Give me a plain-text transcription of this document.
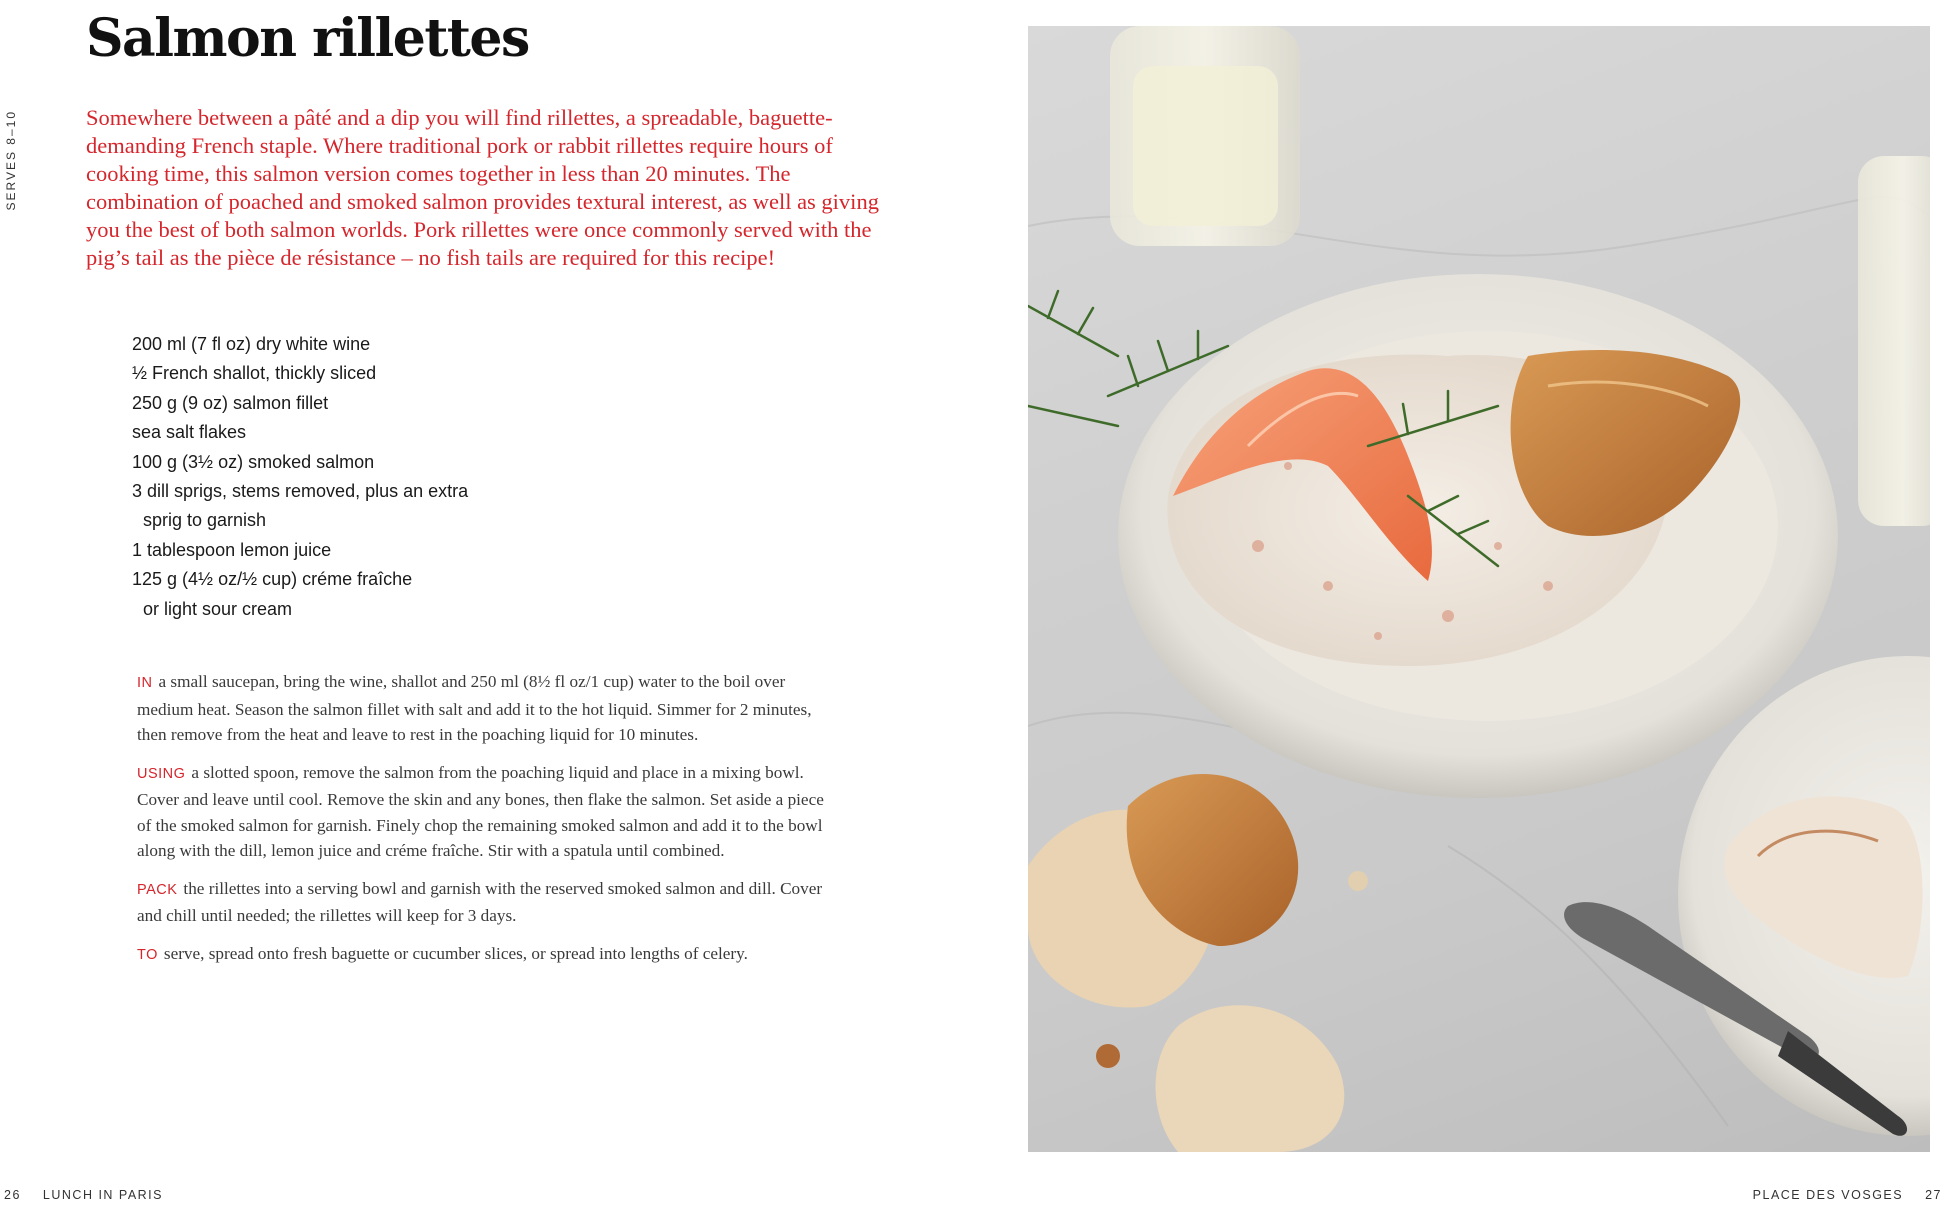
Salmon rillettes
SERVES 8–10	Somewhere between a pâté and a dip you will find rillettes, a spreadable, baguette-demanding French staple. Where traditional pork or rabbit rillettes require hours of cooking time, this salmon version comes together in less than 20 minutes. The combination of poached and smoked salmon provides textural interest, as well as giving you the best of both salmon worlds. Pork rillettes were once commonly served with the pig’s tail as the pièce de résistance – no fish tails are required for this recipe!

200 ml (7 fl oz) dry white wine
½ French shallot, thickly sliced
250 g (9 oz) salmon fillet
sea salt flakes
100 g (3½ oz) smoked salmon
3 dill sprigs, stems removed, plus an extra
sprig to garnish
1 tablespoon lemon juice
125 g (4½ oz/½ cup) créme fraîche
or light sour cream

IN a small saucepan, bring the wine, shallot and 250 ml (8½ fl oz/1 cup) water to the boil over medium heat. Season the salmon fillet with salt and add it to the hot liquid. Simmer for 2 minutes, then remove from the heat and leave to rest in the poaching liquid for 10 minutes.

USING a slotted spoon, remove the salmon from the poaching liquid and place in a mixing bowl. Cover and leave until cool. Remove the skin and any bones, then flake the salmon. Set aside a piece of the smoked salmon for garnish. Finely chop the remaining smoked salmon and add it to the bowl along with the dill, lemon juice and créme fraîche. Stir with a spatula until combined.

PACK the rillettes into a serving bowl and garnish with the reserved smoked salmon and dill. Cover and chill until needed; the rillettes will keep for 3 days.

TO serve, spread onto fresh baguette or cucumber slices, or spread into lengths of celery.

26 LUNCH IN PARIS	PLACE DES VOSGES 27
